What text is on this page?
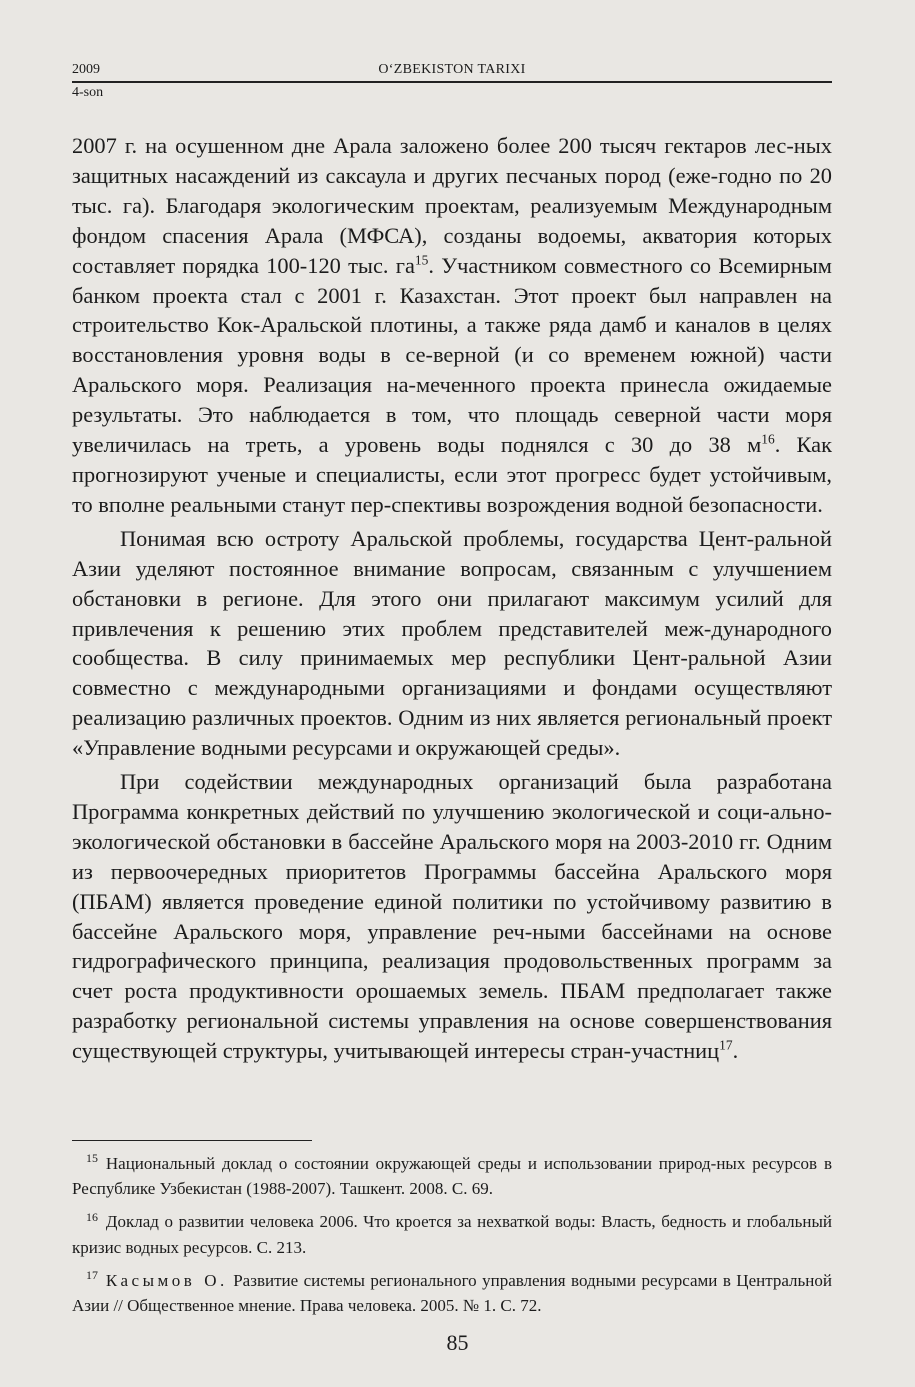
2009	O‘ZBEKISTON TARIXI
4-son

2007 г. на осушенном дне Арала заложено более 200 тысяч гектаров лес-ных защитных насаждений из саксаула и других песчаных пород (еже-годно по 20 тыс. га). Благодаря экологическим проектам, реализуемым Международным фондом спасения Арала (МФСА), созданы водоемы, акватория которых составляет порядка 100-120 тыс. $га^{15}$. Участником совместного со Всемирным банком проекта стал с 2001 г. Казахстан. Этот проект был направлен на строительство Кок-Аральской плотины, а также ряда дамб и каналов в целях восстановления уровня воды в се-верной (и со временем южной) части Аральского моря. Реализация на-меченного проекта принесла ожидаемые результаты. Это наблюдается в том, что площадь северной части моря увеличилась на треть, а уровень воды поднялся с 30 до 38 $м^{16}$. Как прогнозируют ученые и специалисты, если этот прогресс будет устойчивым, то вполне реальными станут пер-спективы возрождения водной безопасности.

Понимая всю остроту Аральской проблемы, государства Цент-ральной Азии уделяют постоянное внимание вопросам, связанным с улучшением обстановки в регионе. Для этого они прилагают максимум усилий для привлечения к решению этих проблем представителей меж-дународного сообщества. В силу принимаемых мер республики Цент-ральной Азии совместно с международными организациями и фондами осуществляют реализацию различных проектов. Одним из них является региональный проект «Управление водными ресурсами и окружающей среды».

При содействии международных организаций была разработана Программа конкретных действий по улучшению экологической и соци-ально-экологической обстановки в бассейне Аральского моря на 2003-2010 гг. Одним из первоочередных приоритетов Программы бассейна Аральского моря (ПБАМ) является проведение единой политики по устойчивому развитию в бассейне Аральского моря, управление реч-ными бассейнами на основе гидрографического принципа, реализация продовольственных программ за счет роста продуктивности орошаемых земель. ПБАМ предполагает также разработку региональной системы управления на основе совершенствования существующей структуры, учитывающей интересы стран-участниц$^{17}$.

$^{15}$ Национальный доклад о состоянии окружающей среды и использовании природ-ных ресурсов в Республике Узбекистан (1988-2007). Ташкент. 2008. С. 69.

$^{16}$ Доклад о развитии человека 2006. Что кроется за нехваткой воды: Власть, бедность и глобальный кризис водных ресурсов. С. 213.

$^{17}$ Касымов О. Развитие системы регионального управления водными ресурсами в Центральной Азии // Общественное мнение. Права человека. 2005. № 1. С. 72.

85
